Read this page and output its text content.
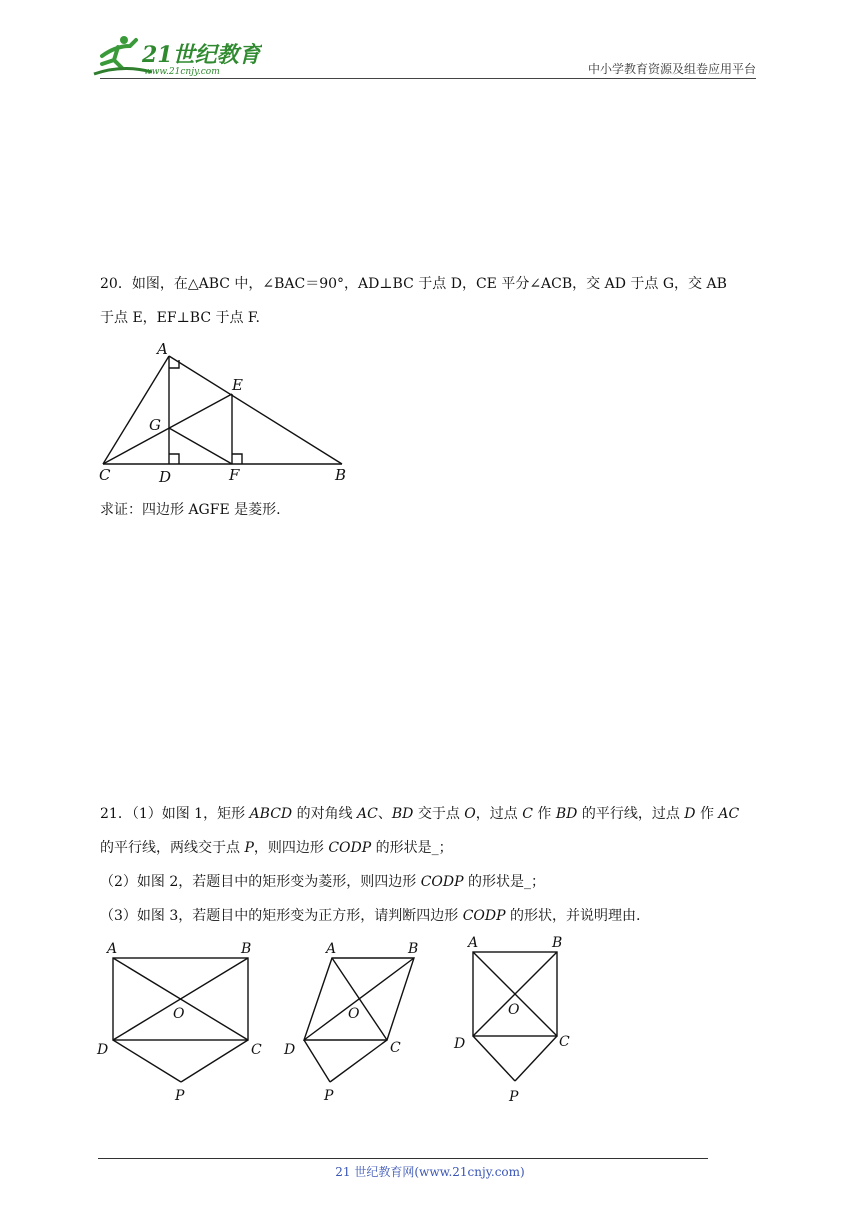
21世纪教育
www.21cnjy.com	中小学教育资源及组卷应用平台
20．如图，在△ABC 中，∠BAC＝90°，AD⊥BC 于点 D，CE 平分∠ACB，交 AD 于点 G，交 AB
于点 E，EF⊥BC 于点 F.
A
E
G
C	D	F	B
求证：四边形 AGFE 是菱形.
21．（1）如图 1，矩形 ABCD 的对角线 AC、BD 交于点 O，过点 C 作 BD 的平行线，过点 D 作 AC
的平行线，两线交于点 P，则四边形 CODP 的形状是_；
（2）如图 2，若题目中的矩形变为菱形，则四边形 CODP 的形状是_；
（3）如图 3，若题目中的矩形变为正方形，请判断四边形 CODP 的形状，并说明理由.
A	B
C
D
O
P
A	B
C
D
O
P
A	B
C
D
O
P
21 世纪教育网(www.21cnjy.com)
